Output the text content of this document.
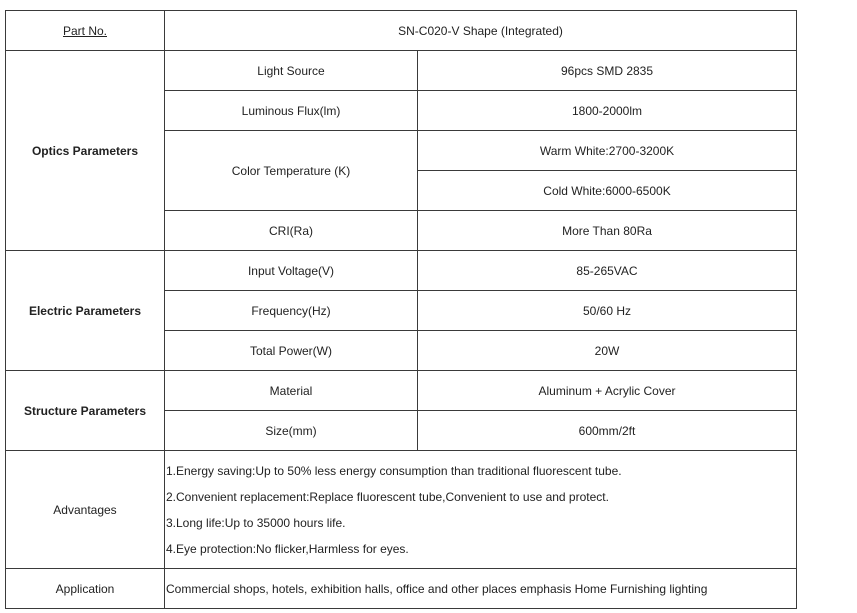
Part No.	SN-C020-V Shape (Integrated)	
Optics Parameters	Light Source	96pcs SMD 2835
	Luminous Flux(lm)	1800-2000lm
	Color Temperature (K)	Warm White:2700-3200K
		Cold White:6000-6500K
	CRI(Ra)	More Than 80Ra
Electric Parameters	Input Voltage(V)	85-265VAC
	Frequency(Hz)	50/60 Hz
	Total Power(W)	20W
Structure Parameters	Material	Aluminum + Acrylic Cover
	Size(mm)	600mm/2ft
Advantages	1.Energy saving:Up to 50% less energy consumption than traditional fluorescent tube.
2.Convenient replacement:Replace fluorescent tube,Convenient to use and protect.
3.Long life:Up to 35000 hours life.
4.Eye protection:No flicker,Harmless for eyes.	

Application	Commercial shops, hotels, exhibition halls, office and other places emphasis Home Furnishing lighting	
